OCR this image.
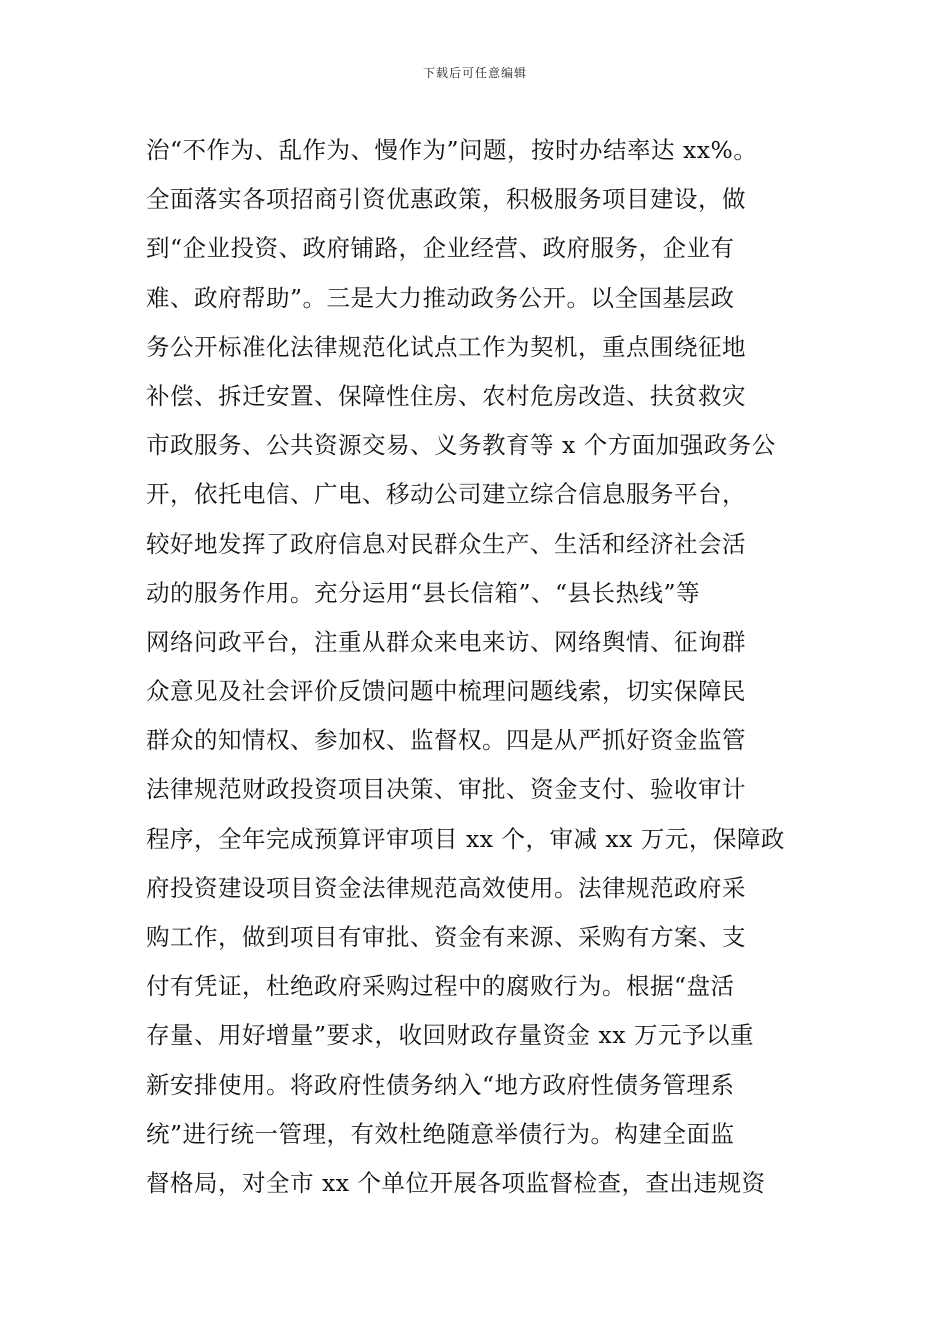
下载后可任意编辑
治“不作为、乱作为、慢作为”问题，按时办结率达 xx%。
全面落实各项招商引资优惠政策，积极服务项目建设，做
到“企业投资、政府铺路，企业经营、政府服务，企业有
难、政府帮助”。三是大力推动政务公开。以全国基层政
务公开标准化法律规范化试点工作为契机，重点围绕征地
补偿、拆迁安置、保障性住房、农村危房改造、扶贫救灾
市政服务、公共资源交易、义务教育等 x 个方面加强政务公
开，依托电信、广电、移动公司建立综合信息服务平台，
较好地发挥了政府信息对民群众生产、生活和经济社会活
动的服务作用。充分运用“县长信箱”、“县长热线”等
网络问政平台，注重从群众来电来访、网络舆情、征询群
众意见及社会评价反馈问题中梳理问题线索，切实保障民
群众的知情权、参加权、监督权。四是从严抓好资金监管
法律规范财政投资项目决策、审批、资金支付、验收审计
程序，全年完成预算评审项目 xx 个，审减 xx 万元，保障政
府投资建设项目资金法律规范高效使用。法律规范政府采
购工作，做到项目有审批、资金有来源、采购有方案、支
付有凭证，杜绝政府采购过程中的腐败行为。根据“盘活
存量、用好增量”要求，收回财政存量资金 xx 万元予以重
新安排使用。将政府性债务纳入“地方政府性债务管理系
统”进行统一管理，有效杜绝随意举债行为。构建全面监
督格局，对全市 xx 个单位开展各项监督检查，查出违规资
